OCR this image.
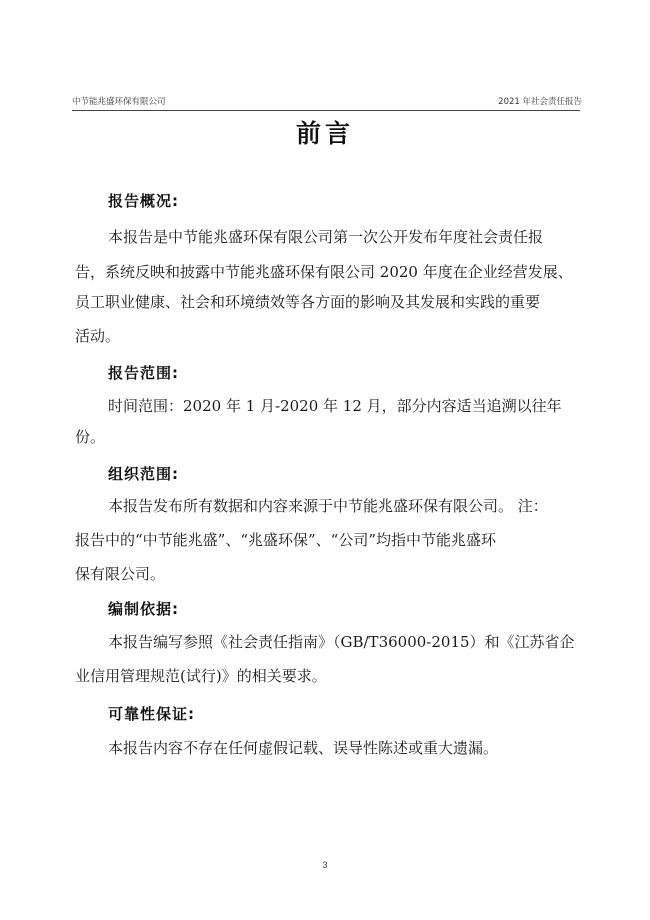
中节能兆盛环保有限公司	2021 年社会责任报告
前言
报告概况:
本报告是中节能兆盛环保有限公司第一次公开发布年度社会责任报
告，系统反映和披露中节能兆盛环保有限公司 2020 年度在企业经营发展、
员工职业健康、社会和环境绩效等各方面的影响及其发展和实践的重要
活动。
报告范围:
时间范围：2020 年 1 月-2020 年 12 月，部分内容适当追溯以往年
份。
组织范围:
本报告发布所有数据和内容来源于中节能兆盛环保有限公司。 注：
报告中的“中节能兆盛”、“兆盛环保”、“公司”均指中节能兆盛环
保有限公司。
编制依据:
本报告编写参照《社会责任指南》（GB/T36000-2015）和《江苏省企
业信用管理规范(试行)》的相关要求。
可靠性保证:
本报告内容不存在任何虚假记载、误导性陈述或重大遗漏。
3
